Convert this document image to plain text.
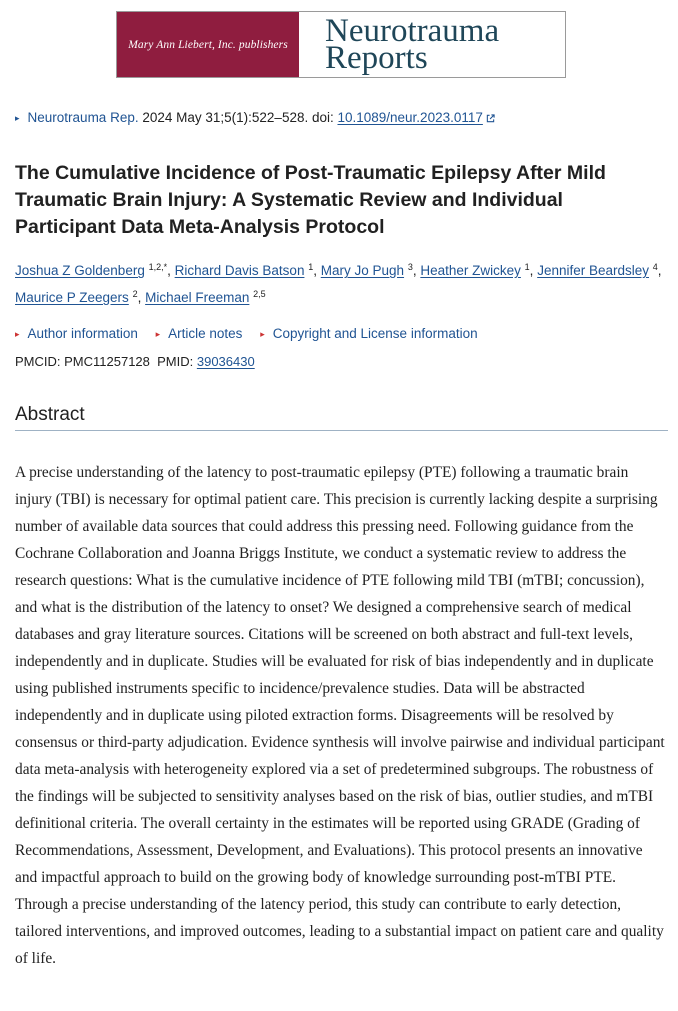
Mary Ann Liebert, Inc. publishers Neurotrauma
Reports
▸ Neurotrauma Rep. 2024 May 31;5(1):522–528. doi: 10.1089/neur.2023.0117
The Cumulative Incidence of Post-Traumatic Epilepsy After Mild Traumatic Brain Injury: A Systematic Review and Individual Participant Data Meta-Analysis Protocol
Joshua Z Goldenberg $^{1,2,*}$, Richard Davis Batson $^1$, Mary Jo Pugh $^3$, Heather Zwickey $^1$, Jennifer Beardsley $^4$,
Maurice P Zeegers $^2$, Michael Freeman $^{2,5}$
▸ Author information ▸ Article notes ▸ Copyright and License information
PMCID: PMC11257128 PMID: 39036430
Abstract

A precise understanding of the latency to post-traumatic epilepsy (PTE) following a traumatic brain injury (TBI) is necessary for optimal patient care. This precision is currently lacking despite a surprising number of available data sources that could address this pressing need. Following guidance from the Cochrane Collaboration and Joanna Briggs Institute, we conduct a systematic review to address the research questions: What is the cumulative incidence of PTE following mild TBI (mTBI; concussion), and what is the distribution of the latency to onset? We designed a comprehensive search of medical databases and gray literature sources. Citations will be screened on both abstract and full-text levels, independently and in duplicate. Studies will be evaluated for risk of bias independently and in duplicate using published instruments specific to incidence/prevalence studies. Data will be abstracted independently and in duplicate using piloted extraction forms. Disagreements will be resolved by consensus or third-party adjudication. Evidence synthesis will involve pairwise and individual participant data meta-analysis with heterogeneity explored via a set of predetermined subgroups. The robustness of the findings will be subjected to sensitivity analyses based on the risk of bias, outlier studies, and mTBI definitional criteria. The overall certainty in the estimates will be reported using GRADE (Grading of Recommendations, Assessment, Development, and Evaluations). This protocol presents an innovative and impactful approach to build on the growing body of knowledge surrounding post-mTBI PTE. Through a precise understanding of the latency period, this study can contribute to early detection, tailored interventions, and improved outcomes, leading to a substantial impact on patient care and quality of life.
